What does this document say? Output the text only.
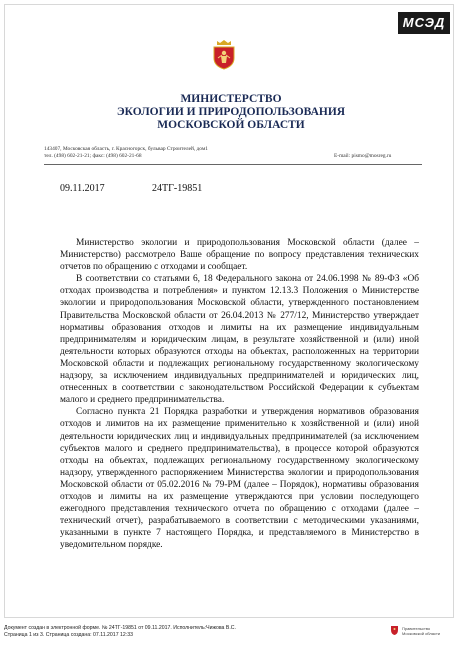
МСЭД
МИНИСТЕРСТВО
ЭКОЛОГИИ И ПРИРОДОПОЛЬЗОВАНИЯ
МОСКОВСКОЙ ОБЛАСТИ
143407, Московская область, г. Красногорск, бульвар Строителей, дом1
тел. (498) 602-21-21; факс: (498) 602-21-68	E-mail: pismo@mosreg.ru
09.11.2017	24ТГ-19851

Министерство экологии и природопользования Московской области (далее – Министерство) рассмотрело Ваше обращение по вопросу представления технических отчетов по обращению с отходами и сообщает.

В соответствии со статьями 6, 18 Федерального закона от 24.06.1998 № 89-ФЗ «Об отходах производства и потребления» и пунктом 12.13.3 Положения о Министерстве экологии и природопользования Московской области, утвержденного постановлением Правительства Московской области от 26.04.2013 № 277/12, Министерство утверждает нормативы образования отходов и лимиты на их размещение индивидуальным предпринимателям и юридическим лицам, в результате хозяйственной и (или) иной деятельности которых образуются отходы на объектах, расположенных на территории Московской области и подлежащих региональному государственному экологическому надзору, за исключением индивидуальных предпринимателей и юридических лиц, отнесенных в соответствии с законодательством Российской Федерации к субъектам малого и среднего предпринимательства.

Согласно пункта 21 Порядка разработки и утверждения нормативов образования отходов и лимитов на их размещение применительно к хозяйственной и (или) иной деятельности юридических лиц и индивидуальных предпринимателей (за исключением субъектов малого и среднего предпринимательства), в процессе которой образуются отходы на объектах, подлежащих региональному государственному экологическому надзору, утвержденного распоряжением Министерства экологии и природопользования Московской области от 05.02.2016 № 79-РМ (далее – Порядок), нормативы образования отходов и лимиты на их размещение утверждаются при условии последующего ежегодного представления технического отчета по обращению с отходами (далее – технический отчет), разрабатываемого в соответствии с методическими указаниями, указанными в пункте 7 настоящего Порядка, и представляемого в Министерство в уведомительном порядке.

Документ создан в электронной форме. № 24ТГ-19851 от 09.11.2017. Исполнитель:Чижова В.С.
Страница 1 из 3. Страница создана: 07.11.2017 12:33
Правительство
Московской области
